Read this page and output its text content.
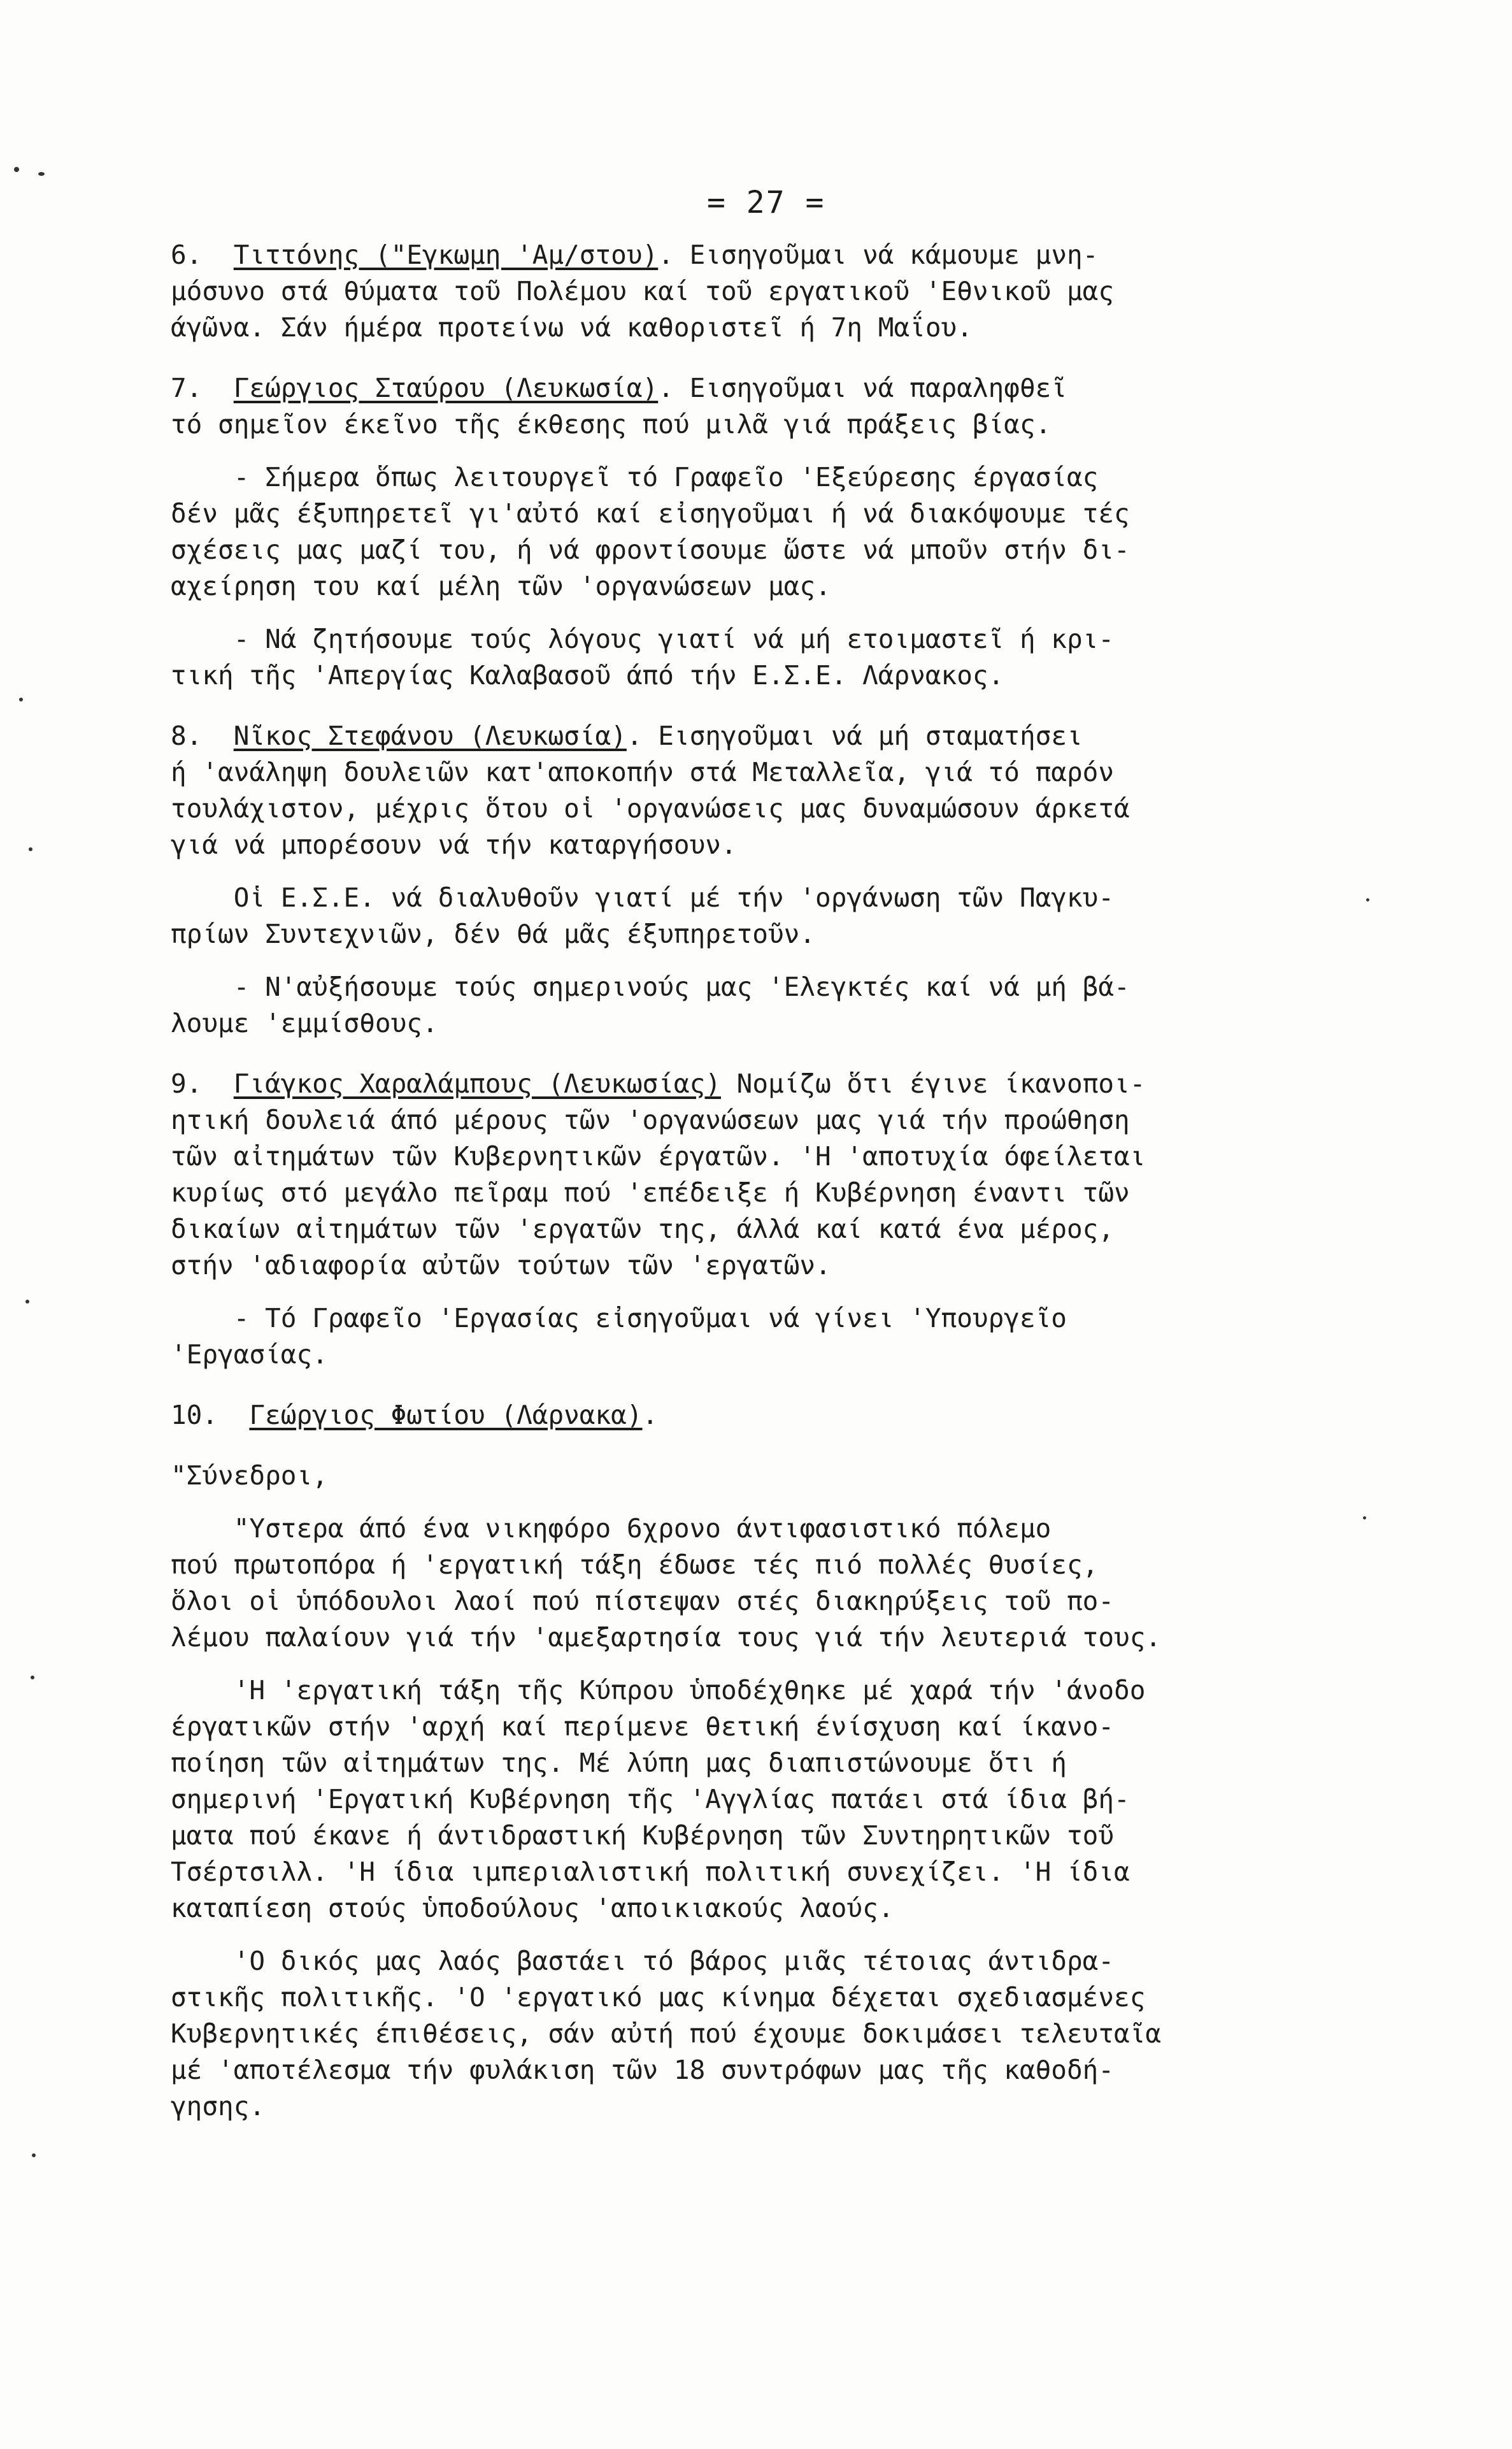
= 27 =
6. Τιττόνης ("Εγκωμη 'Αμ/στου). Εισηγοῦμαι νά κάμουμε μνη-
μόσυνο στά θύματα τοῦ Πολέμου καί τοῦ εργατικοῦ 'Εθνικοῦ μας
άγῶνα. Σάν ήμέρα προτείνω νά καθοριστεῖ ή 7η Μαΐου.
7. Γεώργιος Σταύρου (Λευκωσία). Εισηγοῦμαι νά παραληφθεῖ
τό σημεῖον έκεῖνο τῆς έκθεσης πού μιλᾶ γιά πράξεις βίας.
- Σήμερα ὅπως λειτουργεῖ τό Γραφεῖο 'Εξεύρεσης έργασίας
δέν μᾶς έξυπηρετεῖ γι'αὐτό καί εἰσηγοῦμαι ή νά διακόψουμε τές
σχέσεις μας μαζί του, ή νά φροντίσουμε ὥστε νά μποῦν στήν δι-
αχείρηση του καί μέλη τῶν 'οργανώσεων μας.
- Νά ζητήσουμε τούς λόγους γιατί νά μή ετοιμαστεῖ ή κρι-
τική τῆς 'Απεργίας Καλαβασοῦ άπό τήν Ε.Σ.Ε. Λάρνακος.
8. Νῖκος Στεφάνου (Λευκωσία). Εισηγοῦμαι νά μή σταματήσει
ή 'ανάληψη δουλειῶν κατ'αποκοπήν στά Μεταλλεῖα, γιά τό παρόν
τουλάχιστον, μέχρις ὅτου οἱ 'οργανώσεις μας δυναμώσουν άρκετά
γιά νά μπορέσουν νά τήν καταργήσουν.
Οἱ Ε.Σ.Ε. νά διαλυθοῦν γιατί μέ τήν 'οργάνωση τῶν Παγκυ-
πρίων Συντεχνιῶν, δέν θά μᾶς έξυπηρετοῦν.
- Ν'αὐξήσουμε τούς σημερινούς μας 'Ελεγκτές καί νά μή βά-
λουμε 'εμμίσθους.
9. Γιάγκος Χαραλάμπους (Λευκωσίας) Νομίζω ὅτι έγινε ίκανοποι-
ητική δουλειά άπό μέρους τῶν 'οργανώσεων μας γιά τήν προώθηση
τῶν αἰτημάτων τῶν Κυβερνητικῶν έργατῶν. 'Η 'αποτυχία όφείλεται
κυρίως στό μεγάλο πεῖραμ πού 'επέδειξε ή Κυβέρνηση έναντι τῶν
δικαίων αἰτημάτων τῶν 'εργατῶν της, άλλά καί κατά ένα μέρος,
στήν 'αδιαφορία αὐτῶν τούτων τῶν 'εργατῶν.
- Τό Γραφεῖο 'Εργασίας εἰσηγοῦμαι νά γίνει 'Υπουργεῖο
'Εργασίας.
10. Γεώργιος Φωτίου (Λάρνακα).
"Σύνεδροι,
"Υστερα άπό ένα νικηφόρο 6χρονο άντιφασιστικό πόλεμο
πού πρωτοπόρα ή 'εργατική τάξη έδωσε τές πιό πολλές θυσίες,
ὅλοι οἱ ὑπόδουλοι λαοί πού πίστεψαν στές διακηρύξεις τοῦ πο-
λέμου παλαίουν γιά τήν 'αμεξαρτησία τους γιά τήν λευτεριά τους.
'Η 'εργατική τάξη τῆς Κύπρου ὑποδέχθηκε μέ χαρά τήν 'άνοδο
έργατικῶν στήν 'αρχή καί περίμενε θετική ένίσχυση καί ίκανο-
ποίηση τῶν αἰτημάτων της. Μέ λύπη μας διαπιστώνουμε ὅτι ή
σημερινή 'Εργατική Κυβέρνηση τῆς 'Αγγλίας πατάει στά ίδια βή-
ματα πού έκανε ή άντιδραστική Κυβέρνηση τῶν Συντηρητικῶν τοῦ
Τσέρτσιλλ. 'Η ίδια ιμπεριαλιστική πολιτική συνεχίζει. 'Η ίδια
καταπίεση στούς ὑποδούλους 'αποικιακούς λαούς.
'Ο δικός μας λαός βαστάει τό βάρος μιᾶς τέτοιας άντιδρα-
στικῆς πολιτικῆς. 'Ο 'εργατικό μας κίνημα δέχεται σχεδιασμένες
Κυβερνητικές έπιθέσεις, σάν αὐτή πού έχουμε δοκιμάσει τελευταῖα
μέ 'αποτέλεσμα τήν φυλάκιση τῶν 18 συντρόφων μας τῆς καθοδή-
γησης.
